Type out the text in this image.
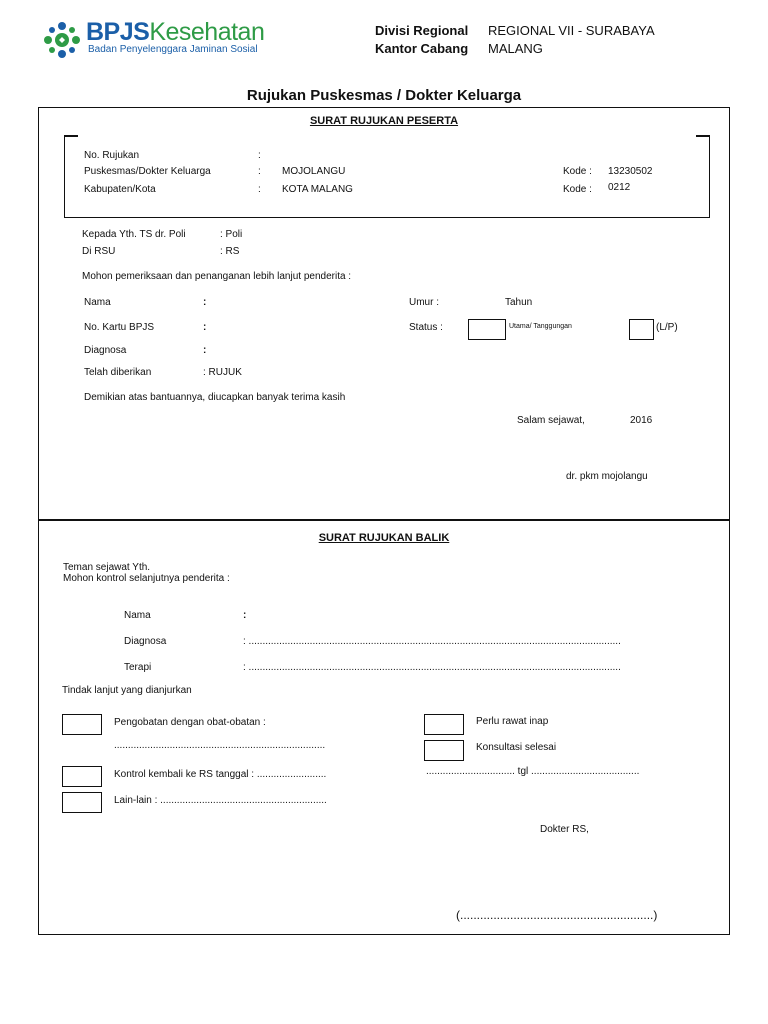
BPJSKesehatan
Badan Penyelenggara Jaminan Sosial
Divisi Regional REGIONAL VII - SURABAYA
Kantor Cabang MALANG
Rujukan Puskesmas / Dokter Keluarga
SURAT RUJUKAN PESERTA
No. Rujukan	:
Puskesmas/Dokter Keluarga	: MOJOLANGU	Kode : 13230502
Kabupaten/Kota	: KOTA MALANG	Kode : 0212
Kepada Yth. TS dr. Poli	: Poli
Di RSU	: RS
Mohon pemeriksaan dan penanganan lebih lanjut penderita :
Nama	:	Umur :	Tahun
No. Kartu BPJS	:	Status :	Utama/ Tanggungan	(L/P)
Diagnosa	:
Telah diberikan	: RUJUK
Demikian atas bantuannya, diucapkan banyak terima kasih
Salam sejawat,	2016
dr. pkm mojolangu
SURAT RUJUKAN BALIK
Teman sejawat Yth.
Mohon kontrol selanjutnya penderita :
Nama	:
Diagnosa	: ......................................................................................................................................
Terapi	: ......................................................................................................................................
Tindak lanjut yang dianjurkan
Pengobatan dengan obat-obatan :
............................................................................
Kontrol kembali ke RS tanggal : .........................
Lain-lain : ............................................................
Perlu rawat inap
Konsultasi selesai
................................ tgl .......................................
Dokter RS,
(..........................................................)
